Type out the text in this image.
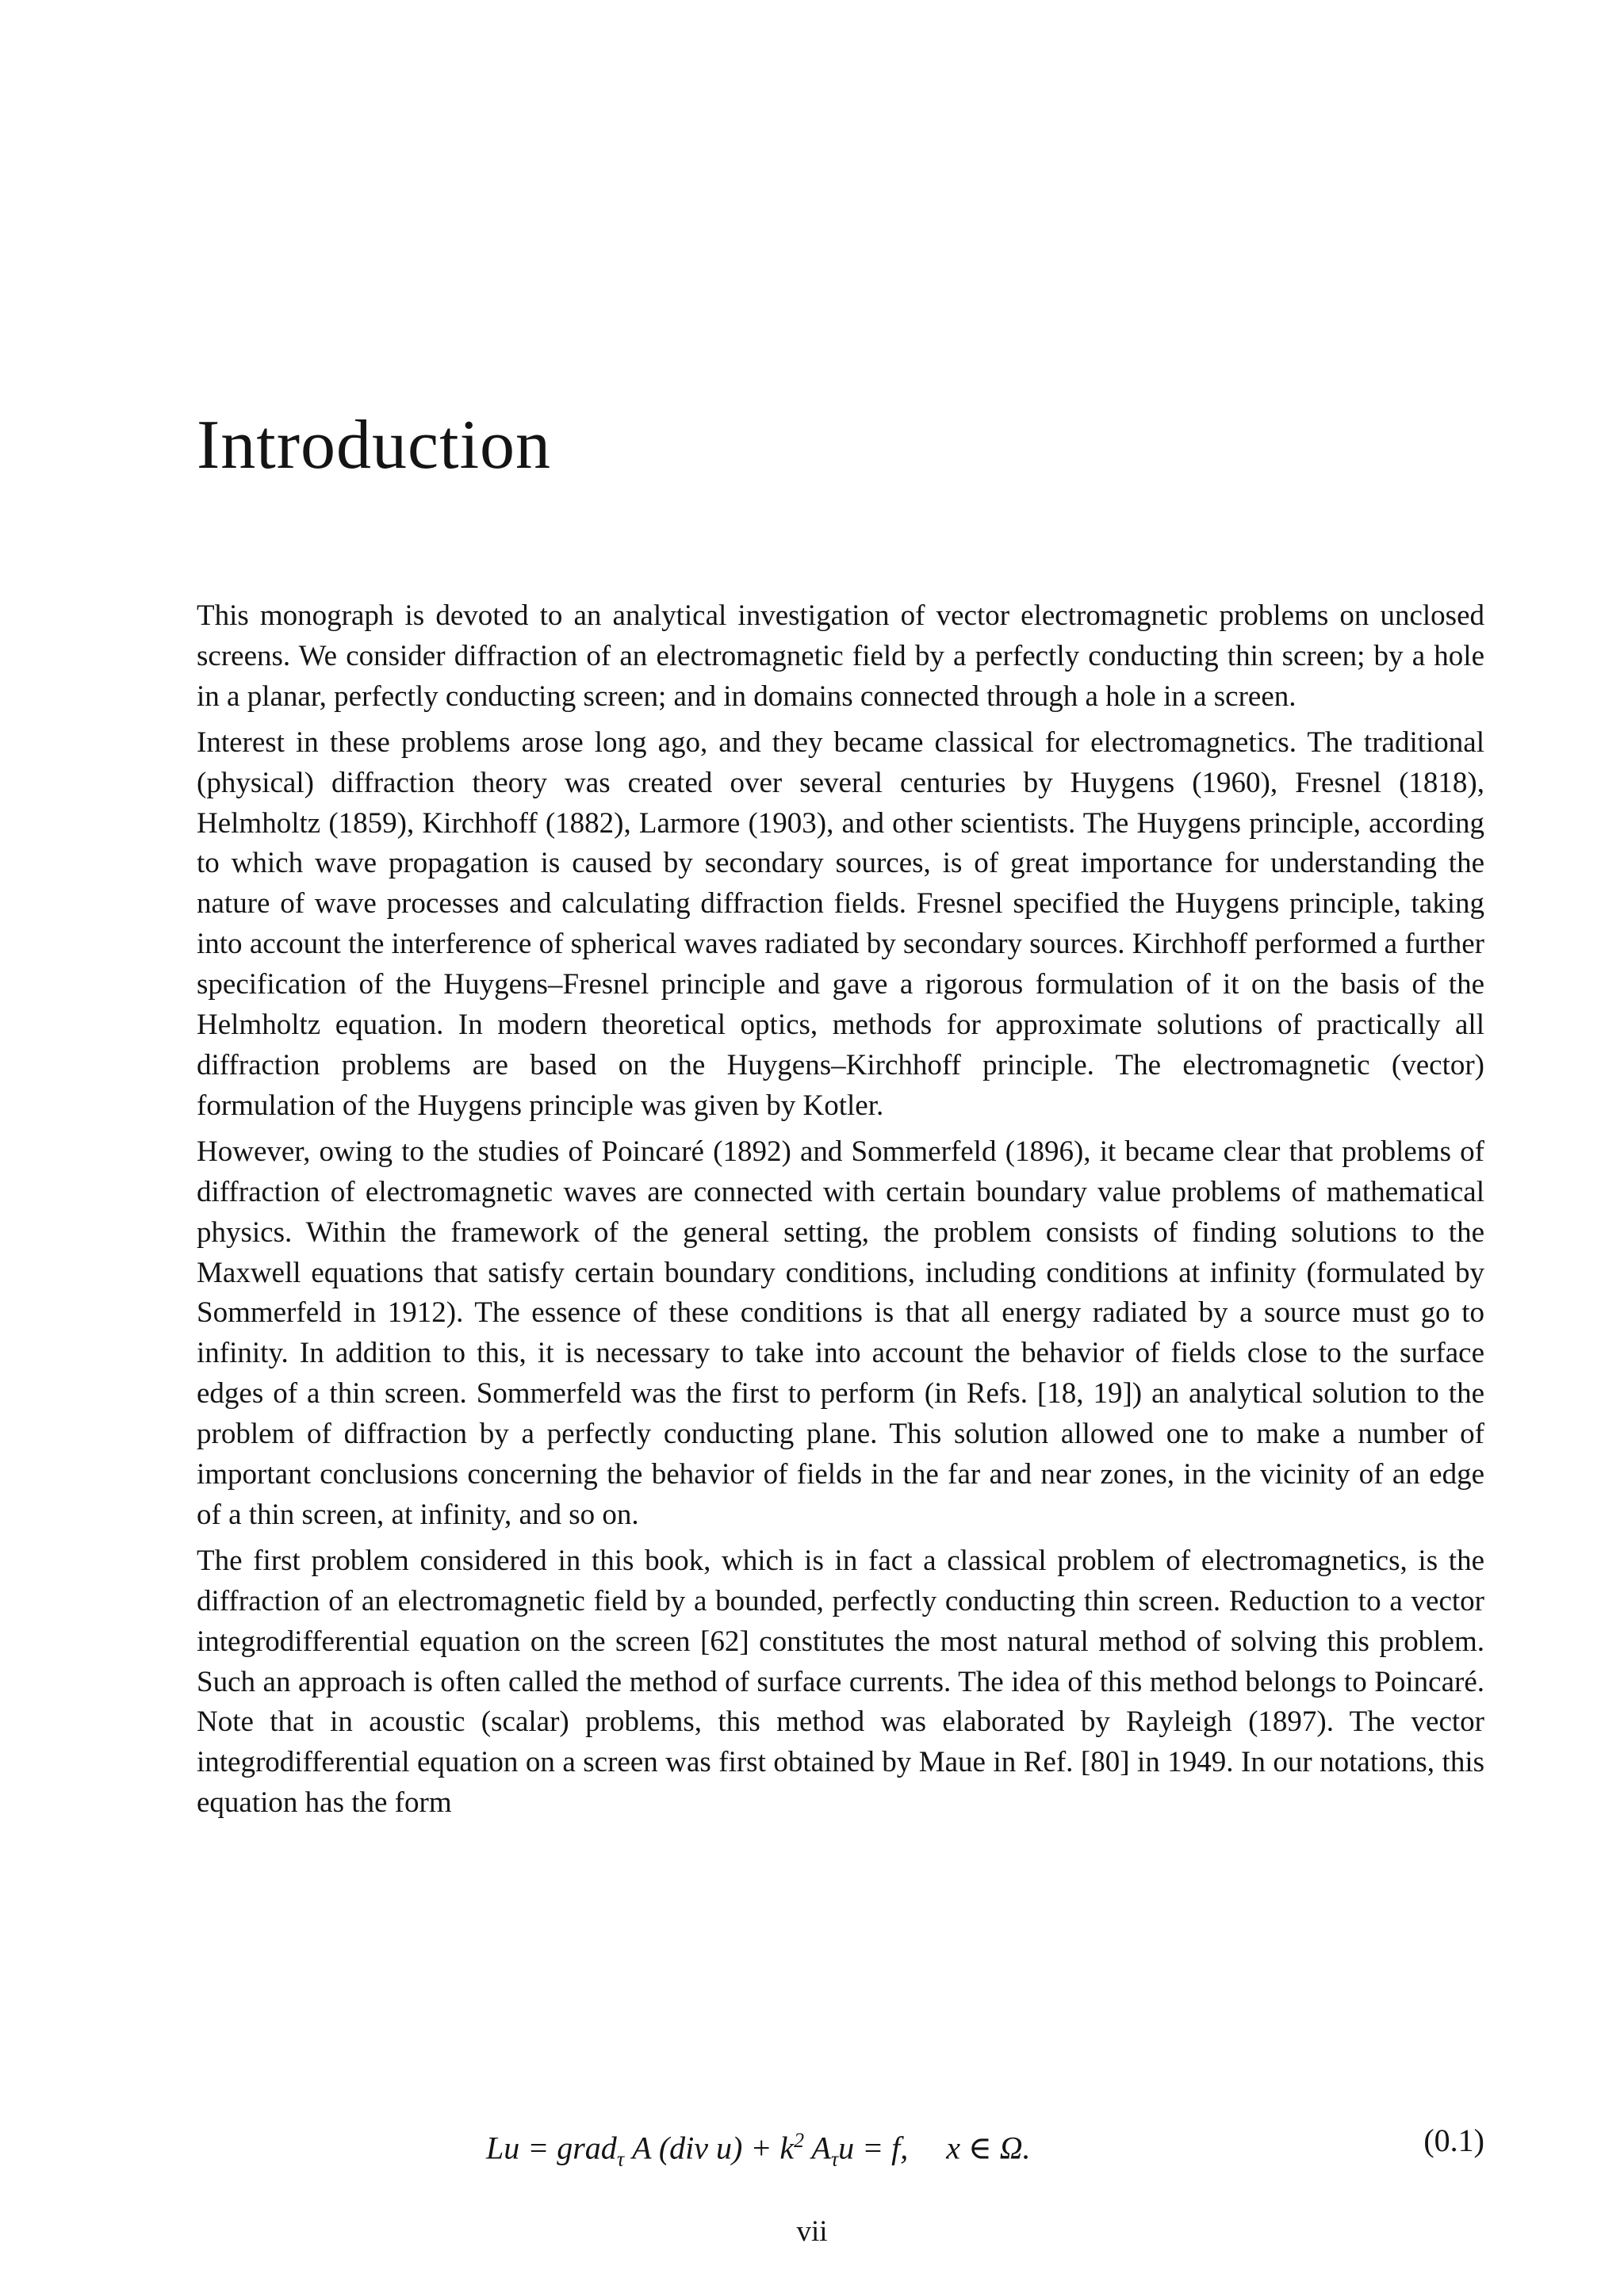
Introduction

This monograph is devoted to an analytical investigation of vector electromagnetic problems on unclosed screens. We consider diffraction of an electromagnetic field by a perfectly conducting thin screen; by a hole in a planar, perfectly conducting screen; and in domains connected through a hole in a screen.

Interest in these problems arose long ago, and they became classical for electromagnetics. The traditional (physical) diffraction theory was created over several centuries by Huygens (1960), Fresnel (1818), Helmholtz (1859), Kirchhoff (1882), Larmore (1903), and other scientists. The Huygens principle, according to which wave propagation is caused by secondary sources, is of great importance for understanding the nature of wave processes and calculating diffraction fields. Fresnel specified the Huygens principle, taking into account the interference of spherical waves radiated by secondary sources. Kirchhoff performed a further specification of the Huygens–Fresnel principle and gave a rigorous formulation of it on the basis of the Helmholtz equation. In modern theoretical optics, methods for approximate solutions of practically all diffraction problems are based on the Huygens–Kirchhoff principle. The electromagnetic (vector) formulation of the Huygens principle was given by Kotler.

However, owing to the studies of Poincaré (1892) and Sommerfeld (1896), it became clear that problems of diffraction of electromagnetic waves are connected with certain boundary value problems of mathematical physics. Within the framework of the general setting, the problem consists of finding solutions to the Maxwell equations that satisfy certain boundary conditions, including conditions at infinity (formulated by Sommerfeld in 1912). The essence of these conditions is that all energy radiated by a source must go to infinity. In addition to this, it is necessary to take into account the behavior of fields close to the surface edges of a thin screen. Sommerfeld was the first to perform (in Refs. [18, 19]) an analytical solution to the problem of diffraction by a perfectly conducting plane. This solution allowed one to make a number of important conclusions concerning the behavior of fields in the far and near zones, in the vicinity of an edge of a thin screen, at infinity, and so on.

The first problem considered in this book, which is in fact a classical problem of electromagnetics, is the diffraction of an electromagnetic field by a bounded, perfectly conducting thin screen. Reduction to a vector integrodifferential equation on the screen [62] constitutes the most natural method of solving this problem. Such an approach is often called the method of surface currents. The idea of this method belongs to Poincaré. Note that in acoustic (scalar) problems, this method was elaborated by Rayleigh (1897). The vector integrodifferential equation on a screen was first obtained by Maue in Ref. [80] in 1949. In our notations, this equation has the form

Lu = grad$_\tau$ A (div $u) + k^2$ $A_\tau u = f$, x ∈ Ω.	(0.1)
vii
